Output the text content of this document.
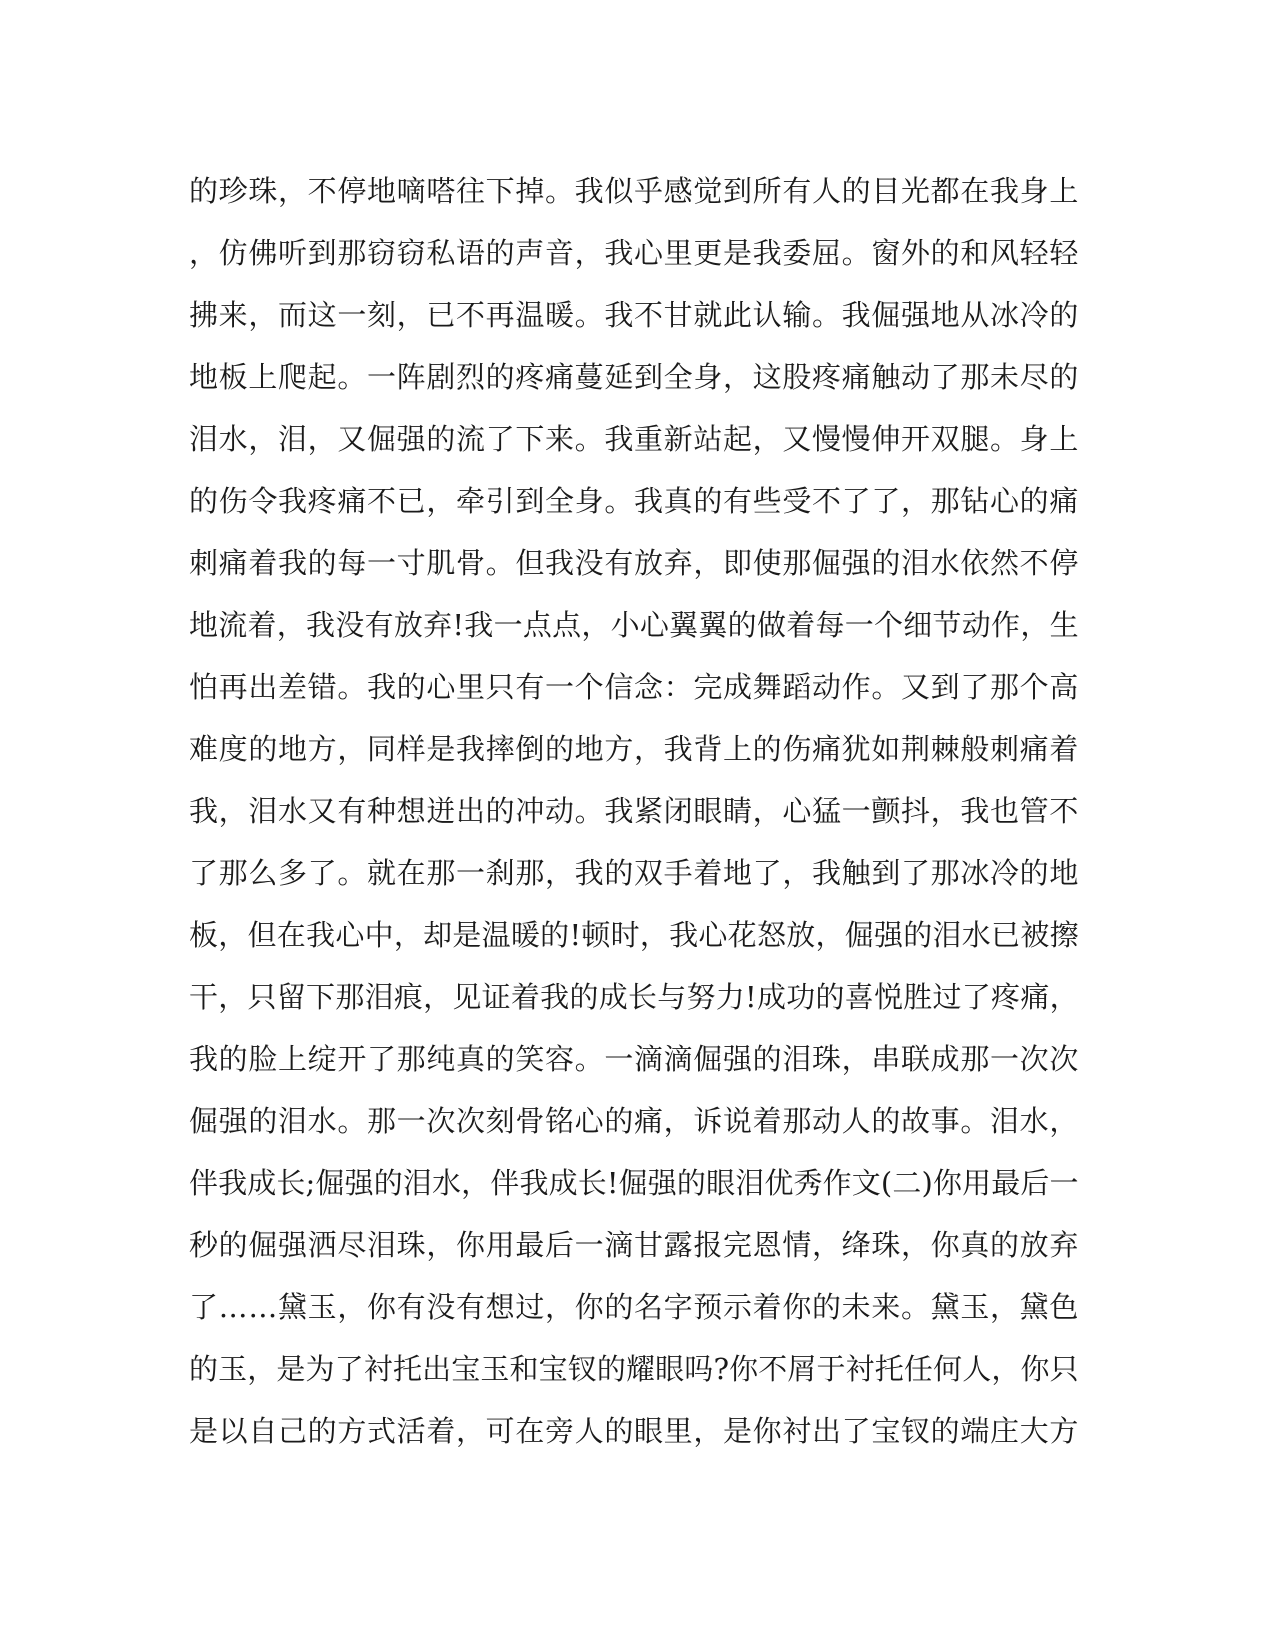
的珍珠，不停地嘀嗒往下掉。我似乎感觉到所有人的目光都在我身上
，仿佛听到那窃窃私语的声音，我心里更是我委屈。窗外的和风轻轻
拂来，而这一刻，已不再温暖。我不甘就此认输。我倔强地从冰冷的
地板上爬起。一阵剧烈的疼痛蔓延到全身，这股疼痛触动了那未尽的
泪水，泪，又倔强的流了下来。我重新站起，又慢慢伸开双腿。身上
的伤令我疼痛不已，牵引到全身。我真的有些受不了了，那钻心的痛
刺痛着我的每一寸肌骨。但我没有放弃，即使那倔强的泪水依然不停
地流着，我没有放弃!我一点点，小心翼翼的做着每一个细节动作，生
怕再出差错。我的心里只有一个信念：完成舞蹈动作。又到了那个高
难度的地方，同样是我摔倒的地方，我背上的伤痛犹如荆棘般刺痛着
我，泪水又有种想迸出的冲动。我紧闭眼睛，心猛一颤抖，我也管不
了那么多了。就在那一刹那，我的双手着地了，我触到了那冰冷的地
板，但在我心中，却是温暖的!顿时，我心花怒放，倔强的泪水已被擦
干，只留下那泪痕，见证着我的成长与努力!成功的喜悦胜过了疼痛，
我的脸上绽开了那纯真的笑容。一滴滴倔强的泪珠，串联成那一次次
倔强的泪水。那一次次刻骨铭心的痛，诉说着那动人的故事。泪水，
伴我成长;倔强的泪水，伴我成长!倔强的眼泪优秀作文(二)你用最后一
秒的倔强洒尽泪珠，你用最后一滴甘露报完恩情，绛珠，你真的放弃
了……黛玉，你有没有想过，你的名字预示着你的未来。黛玉，黛色
的玉，是为了衬托出宝玉和宝钗的耀眼吗?你不屑于衬托任何人，你只
是以自己的方式活着，可在旁人的眼里，是你衬出了宝钗的端庄大方
